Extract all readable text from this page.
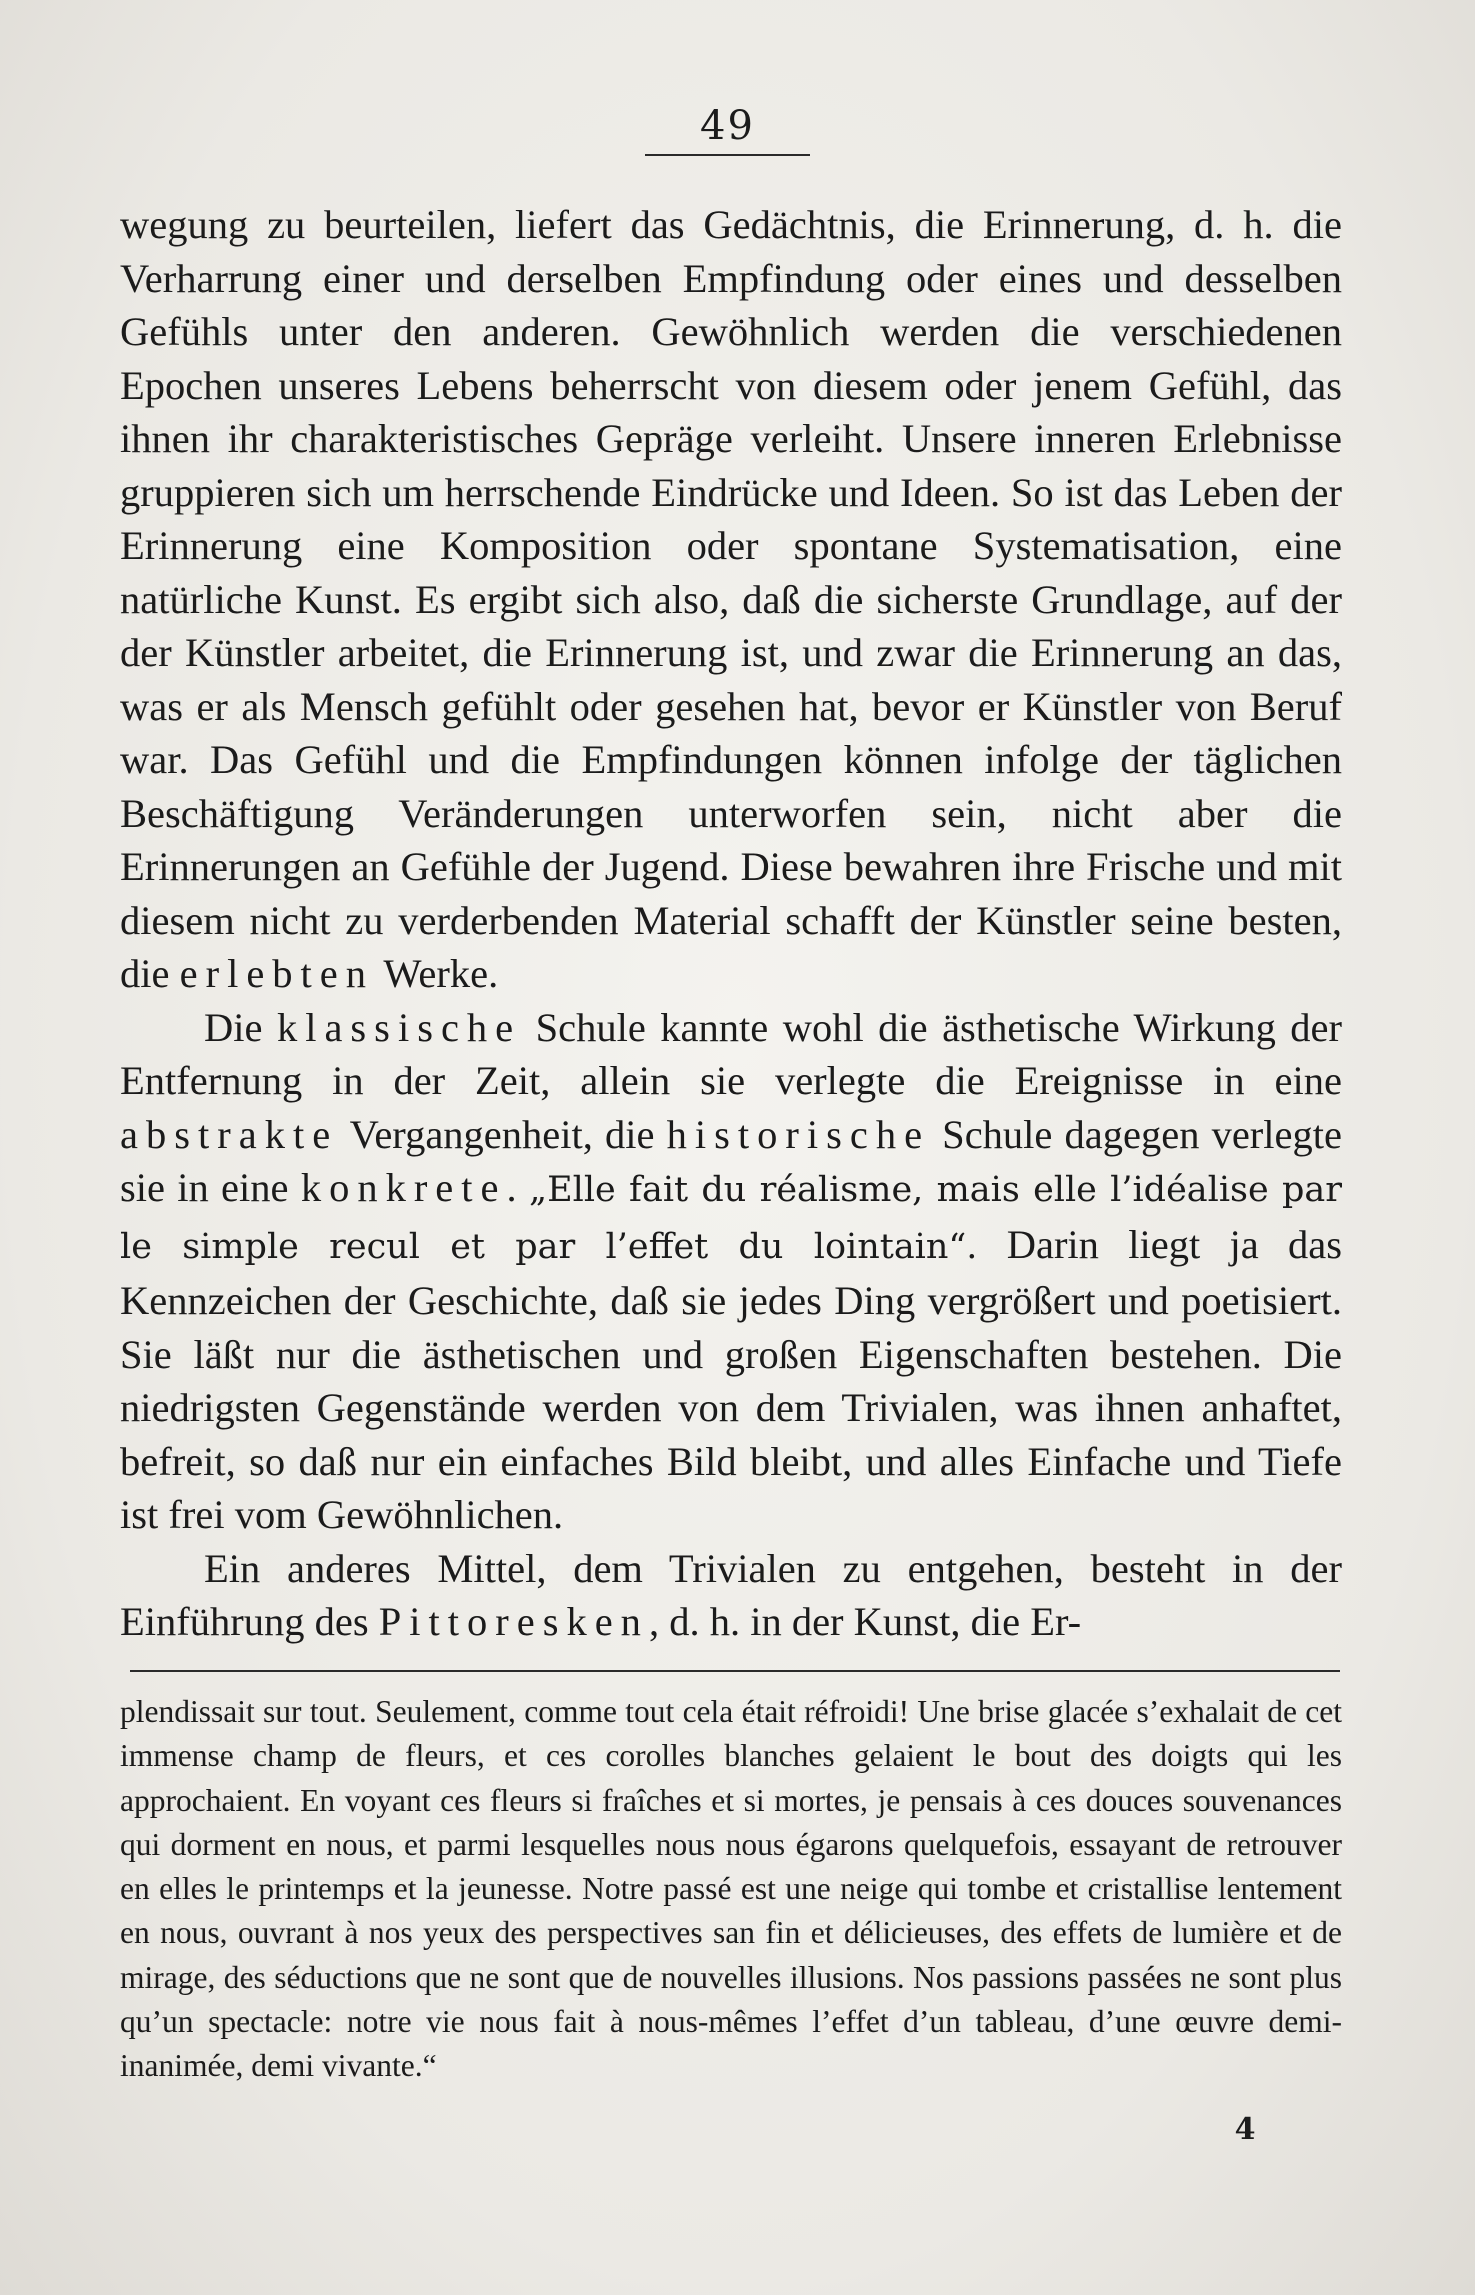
49

wegung zu beurteilen, liefert das Gedächtnis, die Erinnerung, d. h. die Verharrung einer und derselben Empfindung oder eines und desselben Gefühls unter den anderen. Gewöhnlich werden die verschiedenen Epochen unseres Lebens beherrscht von diesem oder jenem Gefühl, das ihnen ihr charakteristisches Gepräge verleiht. Unsere inneren Erlebnisse gruppieren sich um herrschende Eindrücke und Ideen. So ist das Leben der Erinnerung eine Komposition oder spontane Systematisation, eine natürliche Kunst. Es ergibt sich also, daß die sicherste Grundlage, auf der der Künstler arbeitet, die Erinnerung ist, und zwar die Erinnerung an das, was er als Mensch gefühlt oder gesehen hat, bevor er Künstler von Beruf war. Das Gefühl und die Empfindungen können infolge der täglichen Beschäftigung Veränderungen unterworfen sein, nicht aber die Erinnerungen an Gefühle der Jugend. Diese bewahren ihre Frische und mit diesem nicht zu verderbenden Material schafft der Künstler seine besten, die erlebten Werke.

Die klassische Schule kannte wohl die ästhetische Wirkung der Entfernung in der Zeit, allein sie verlegte die Ereignisse in eine abstrakte Vergangenheit, die historische Schule dagegen verlegte sie in eine konkrete. „Elle fait du réalisme, mais elle l’idéalise par le simple recul et par l’effet du lointain“. Darin liegt ja das Kennzeichen der Geschichte, daß sie jedes Ding vergrößert und poetisiert. Sie läßt nur die ästhetischen und großen Eigenschaften bestehen. Die niedrigsten Gegenstände werden von dem Trivialen, was ihnen anhaftet, befreit, so daß nur ein einfaches Bild bleibt, und alles Einfache und Tiefe ist frei vom Gewöhnlichen.

Ein anderes Mittel, dem Trivialen zu entgehen, besteht in der Einführung des Pittoresken, d. h. in der Kunst, die Er-

plendissait sur tout. Seulement, comme tout cela était réfroidi! Une brise glacée s’exhalait de cet immense champ de fleurs, et ces corolles blanches gelaient le bout des doigts qui les approchaient. En voyant ces fleurs si fraîches et si mortes, je pensais à ces douces souvenances qui dorment en nous, et parmi lesquelles nous nous égarons quelquefois, essayant de retrouver en elles le printemps et la jeunesse. Notre passé est une neige qui tombe et cristallise lentement en nous, ouvrant à nos yeux des perspectives san fin et délicieuses, des effets de lumière et de mirage, des séductions que ne sont que de nouvelles illusions. Nos passions passées ne sont plus qu’un spectacle: notre vie nous fait à nous-mêmes l’effet d’un tableau, d’une œuvre demi-inanimée, demi vivante.“

4
